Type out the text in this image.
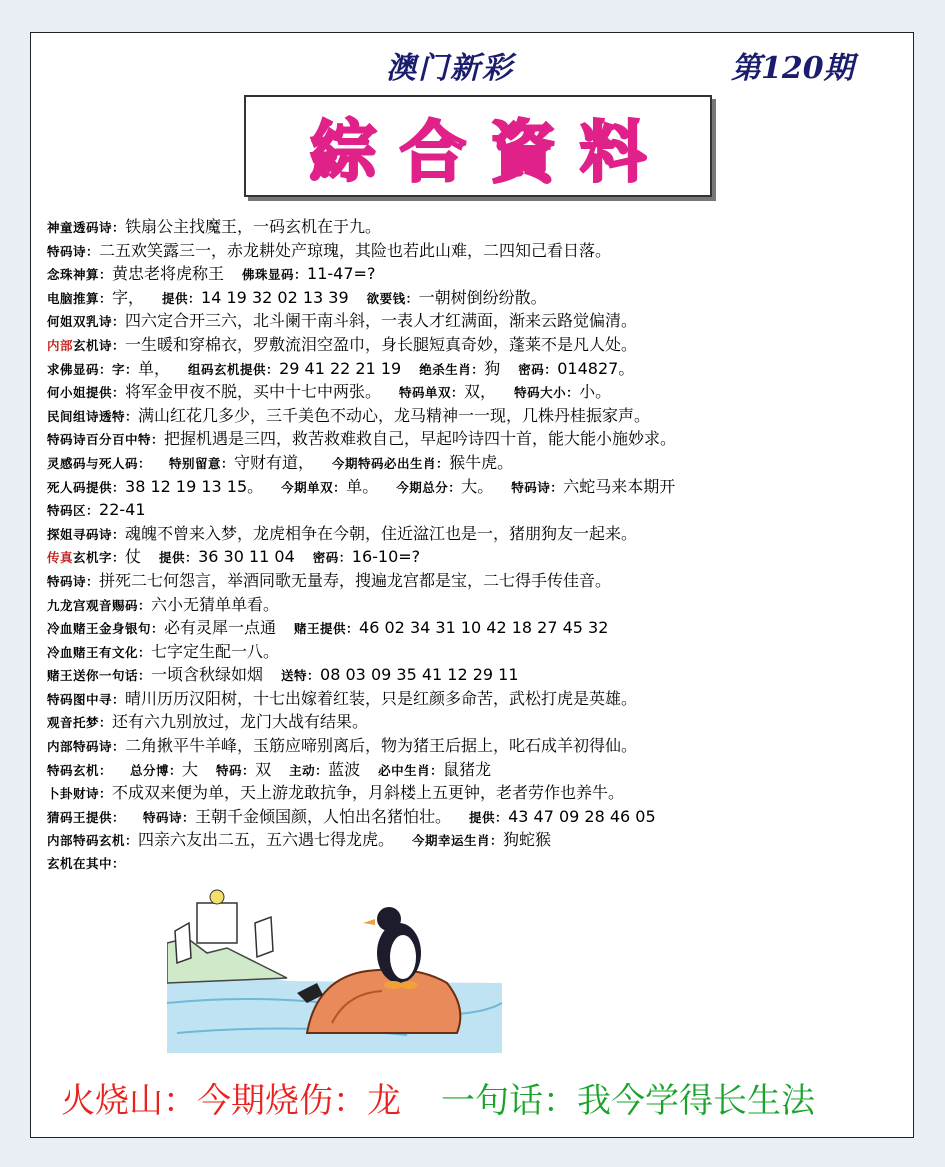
澳门新彩	第120期
綜合資料
神童透码诗：铁扇公主找魔王，一码玄机在于九。
特码诗：二五欢笑露三一，赤龙耕处产琼瑰，其险也若此山难，二四知己看日落。
念珠神算：黄忠老将虎称王 佛珠显码：11-47=?
电脑推算：字， 提供：14 19 32 02 13 39 欲要钱：一朝树倒纷纷散。
何姐双乳诗：四六定合开三六，北斗阑干南斗斜，一表人才红满面，渐来云路觉偏清。
内部玄机诗：一生暖和穿棉衣，罗敷流泪空盈巾，身长腿短真奇妙，蓬莱不是凡人处。
求佛显码：字：单， 组码玄机提供：29 41 22 21 19 绝杀生肖：狗 密码：014827。
何小姐提供：将军金甲夜不脱，买中十七中两张。 特码单双：双， 特码大小：小。
民间组诗透特：满山红花几多少，三千美色不动心，龙马精神一一现，几株丹桂振家声。
特码诗百分百中特：把握机遇是三四，救苦救难救自己，早起吟诗四十首，能大能小施妙求。
灵感码与死人码： 特别留意：守财有道， 今期特码必出生肖：猴牛虎。
死人码提供：38 12 19 13 15。 今期单双：单。 今期总分：大。 特码诗：六蛇马来本期开
特码区：22-41
探姐寻码诗：魂魄不曾来入梦，龙虎相争在今朝，住近湓江也是一，猪朋狗友一起来。
传真玄机字：仗 提供：36 30 11 04 密码：16-10=?
特码诗：拼死二七何怨言，举酒同歌无量寿，搜遍龙宫都是宝，二七得手传佳音。
九龙宫观音赐码：六小无猜单单看。
冷血赌王金身银句：必有灵犀一点通 赌王提供：46 02 34 31 10 42 18 27 45 32
冷血赌王有文化：七字定生配一八。
赌王送你一句话：一顷含秋绿如烟 送特：08 03 09 35 41 12 29 11
特码图中寻：晴川历历汉阳树，十七出嫁着红装，只是红颜多命苦，武松打虎是英雄。
观音托梦：还有六九别放过，龙门大战有结果。
内部特码诗：二角揪平牛羊峰，玉筋应啼别离后，物为猪王后据上，叱石成羊初得仙。
特码玄机： 总分博：大 特码：双 主动：蓝波 必中生肖：鼠猪龙
卜卦财诗：不成双来便为单，天上游龙敢抗争，月斜楼上五更钟，老者劳作也养牛。
猜码王提供： 特码诗：王朝千金倾国颜，人怕出名猪怕壮。 提供：43 47 09 28 46 05
内部特码玄机：四亲六友出二五，五六遇七得龙虎。 今期幸运生肖：狗蛇猴
玄机在其中：
火烧山：今期烧伤：龙 一句话：我今学得长生法
